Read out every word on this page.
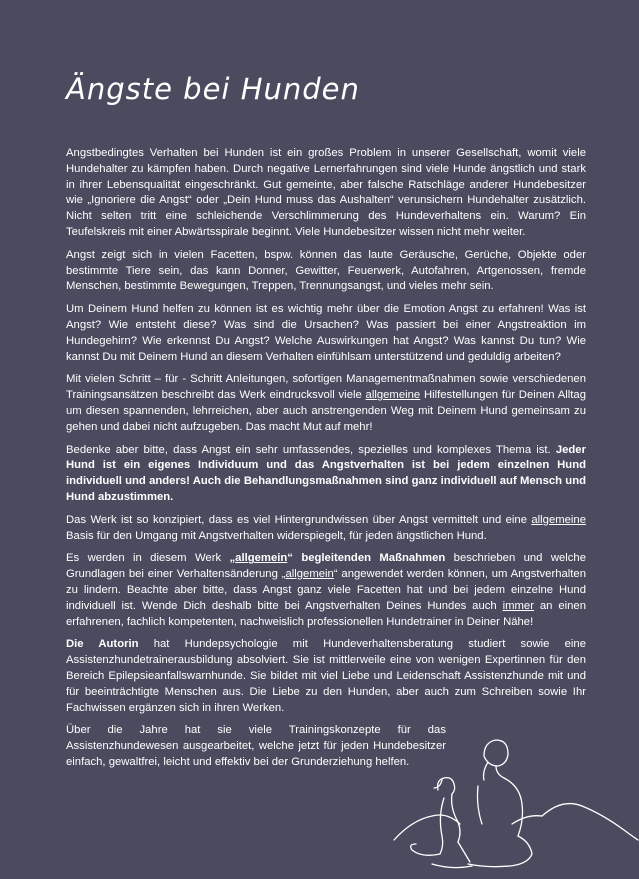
Ängste bei Hunden

Angstbedingtes Verhalten bei Hunden ist ein großes Problem in unserer Gesellschaft, womit viele Hundehalter zu kämpfen haben. Durch negative Lernerfahrungen sind viele Hunde ängstlich und stark in ihrer Lebensqualität eingeschränkt. Gut gemeinte, aber falsche Ratschläge anderer Hundebesitzer wie „Ignoriere die Angst“ oder „Dein Hund muss das Aushalten“ verunsichern Hundehalter zusätzlich. Nicht selten tritt eine schleichende Verschlimmerung des Hundeverhaltens ein. Warum? Ein Teufelskreis mit einer Abwärtsspirale beginnt. Viele Hundebesitzer wissen nicht mehr weiter.

Angst zeigt sich in vielen Facetten, bspw. können das laute Geräusche, Gerüche, Objekte oder bestimmte Tiere sein, das kann Donner, Gewitter, Feuerwerk, Autofahren, Artgenossen, fremde Menschen, bestimmte Bewegungen, Treppen, Trennungsangst, und vieles mehr sein.

Um Deinem Hund helfen zu können ist es wichtig mehr über die Emotion Angst zu erfahren! Was ist Angst? Wie entsteht diese? Was sind die Ursachen? Was passiert bei einer Angstreaktion im Hundegehirn? Wie erkennst Du Angst? Welche Auswirkungen hat Angst? Was kannst Du tun? Wie kannst Du mit Deinem Hund an diesem Verhalten einfühlsam unterstützend und geduldig arbeiten?

Mit vielen Schritt – für - Schritt Anleitungen, sofortigen Managementmaßnahmen sowie verschiedenen Trainingsansätzen beschreibt das Werk eindrucksvoll viele allgemeine Hilfestellungen für Deinen Alltag um diesen spannenden, lehrreichen, aber auch anstrengenden Weg mit Deinem Hund gemeinsam zu gehen und dabei nicht aufzugeben. Das macht Mut auf mehr!

Bedenke aber bitte, dass Angst ein sehr umfassendes, spezielles und komplexes Thema ist. Jeder Hund ist ein eigenes Individuum und das Angstverhalten ist bei jedem einzelnen Hund individuell und anders! Auch die Behandlungsmaßnahmen sind ganz individuell auf Mensch und Hund abzustimmen.

Das Werk ist so konzipiert, dass es viel Hintergrundwissen über Angst vermittelt und eine allgemeine Basis für den Umgang mit Angstverhalten widerspiegelt, für jeden ängstlichen Hund.

Es werden in diesem Werk „allgemein“ begleitenden Maßnahmen beschrieben und welche Grundlagen bei einer Verhaltensänderung „allgemein“ angewendet werden können, um Angstverhalten zu lindern. Beachte aber bitte, dass Angst ganz viele Facetten hat und bei jedem einzelne Hund individuell ist. Wende Dich deshalb bitte bei Angstverhalten Deines Hundes auch immer an einen erfahrenen, fachlich kompetenten, nachweislich professionellen Hundetrainer in Deiner Nähe!

Die Autorin hat Hundepsychologie mit Hundeverhaltensberatung studiert sowie eine Assistenzhundetrainerausbildung absolviert. Sie ist mittlerweile eine von wenigen Expertinnen für den Bereich Epilepsieanfallswarnhunde. Sie bildet mit viel Liebe und Leidenschaft Assistenzhunde mit und für beeinträchtigte Menschen aus. Die Liebe zu den Hunden, aber auch zum Schreiben sowie Ihr Fachwissen ergänzen sich in ihren Werken.

Über die Jahre hat sie viele Trainingskonzepte für das Assistenzhundewesen ausgearbeitet, welche jetzt für jeden Hundebesitzer einfach, gewaltfrei, leicht und effektiv bei der Grunderziehung helfen.
